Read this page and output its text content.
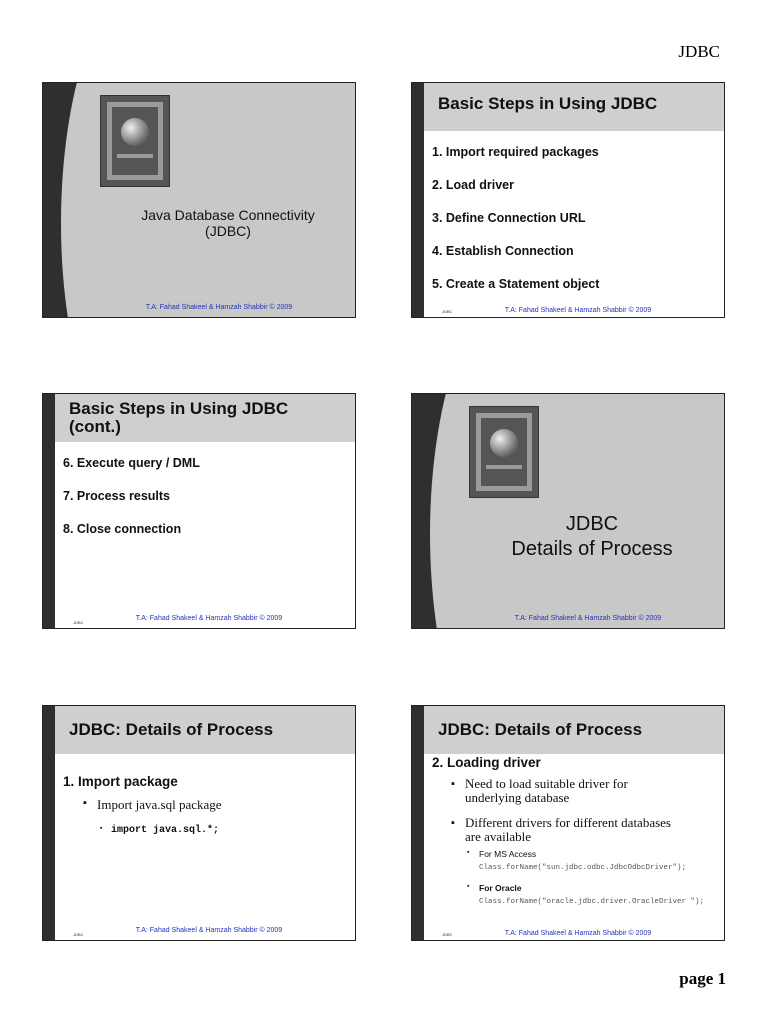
JDBC
Java Database Connectivity
(JDBC)
T.A: Fahad Shakeel & Hamzah Shabbir © 2009
Basic Steps in Using JDBC
1. Import required packages
2. Load driver
3. Define Connection URL
4. Establish Connection
5. Create a Statement object
JDBC	T.A: Fahad Shakeel & Hamzah Shabbir © 2009
Basic Steps in Using JDBC
(cont.)
6. Execute query / DML
7. Process results
8. Close connection
JDBC
T.A: Fahad Shakeel & Hamzah Shabbir © 2009
JDBC
Details of Process
T.A: Fahad Shakeel & Hamzah Shabbir © 2009
JDBC: Details of Process
1. Import package
▪ Import java.sql package
▪ import java.sql.*;
JDBC
T.A: Fahad Shakeel & Hamzah Shabbir © 2009
JDBC: Details of Process
2. Loading driver
▪ Need to load suitable driver for
underlying database
▪ Different drivers for different databases
are available
▪ For MS Access
Class.forName("sun.jdbc.odbc.JdbcOdbcDriver");
▪ For Oracle
Class.forName("oracle.jdbc.driver.OracleDriver ");
JDBC	T.A: Fahad Shakeel & Hamzah Shabbir © 2009
page 1
